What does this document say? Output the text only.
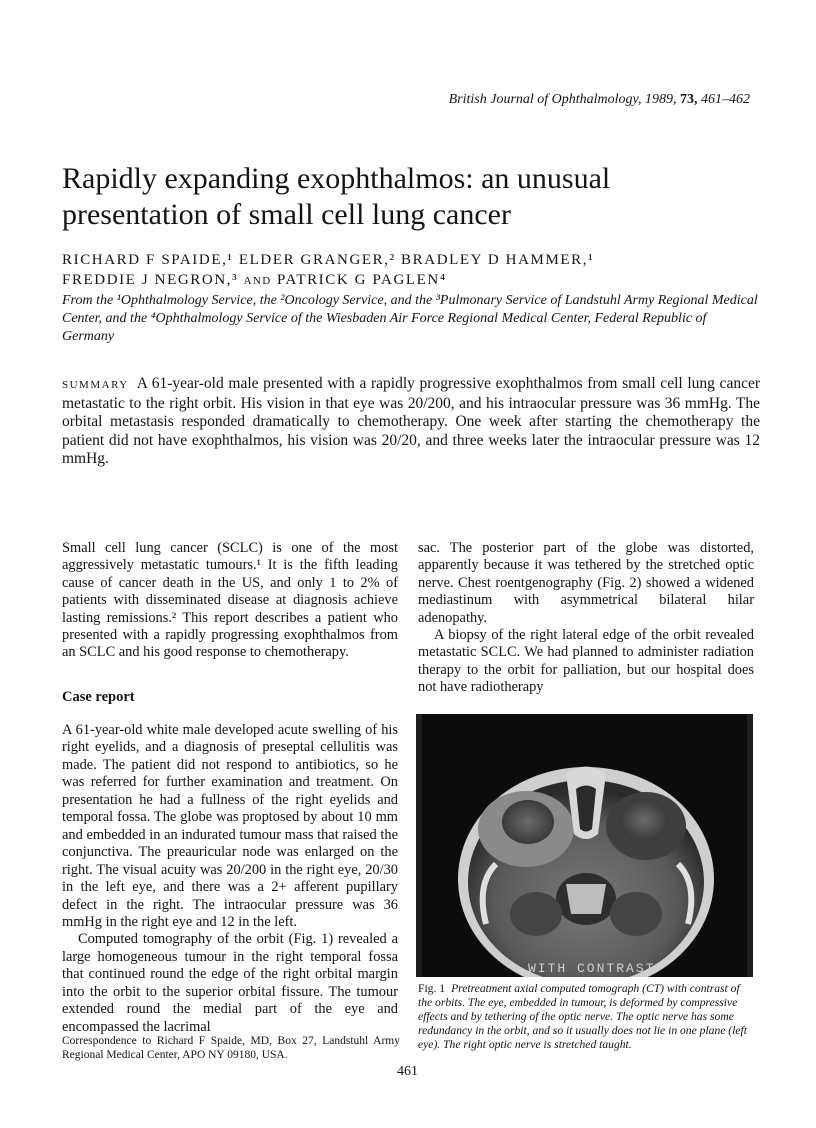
British Journal of Ophthalmology, 1989, 73, 461–462
Rapidly expanding exophthalmos: an unusual presentation of small cell lung cancer
RICHARD F SPAIDE,¹ ELDER GRANGER,² BRADLEY D HAMMER,¹
FREDDIE J NEGRON,³ AND PATRICK G PAGLEN⁴
From the ¹Ophthalmology Service, the ²Oncology Service, and the ³Pulmonary Service of Landstuhl Army Regional Medical Center, and the ⁴Ophthalmology Service of the Wiesbaden Air Force Regional Medical Center, Federal Republic of Germany
SUMMARY A 61-year-old male presented with a rapidly progressive exophthalmos from small cell lung cancer metastatic to the right orbit. His vision in that eye was 20/200, and his intraocular pressure was 36 mmHg. The orbital metastasis responded dramatically to chemotherapy. One week after starting the chemotherapy the patient did not have exophthalmos, his vision was 20/20, and three weeks later the intraocular pressure was 12 mmHg.

Small cell lung cancer (SCLC) is one of the most aggressively metastatic tumours.¹ It is the fifth leading cause of cancer death in the US, and only 1 to 2% of patients with disseminated disease at diagnosis achieve lasting remissions.² This report describes a patient who presented with a rapidly progressing exophthalmos from an SCLC and his good response to chemotherapy.

Case report

A 61-year-old white male developed acute swelling of his right eyelids, and a diagnosis of preseptal cellulitis was made. The patient did not respond to antibiotics, so he was referred for further examination and treatment. On presentation he had a fullness of the right eyelids and temporal fossa. The globe was proptosed by about 10 mm and embedded in an indurated tumour mass that raised the conjunctiva. The preauricular node was enlarged on the right. The visual acuity was 20/200 in the right eye, 20/30 in the left eye, and there was a 2+ afferent pupillary defect in the right. The intraocular pressure was 36 mmHg in the right eye and 12 in the left.

Computed tomography of the orbit (Fig. 1) revealed a large homogeneous tumour in the right temporal fossa that continued round the edge of the right orbital margin into the orbit to the superior orbital fissure. The tumour extended round the medial part of the eye and encompassed the lacrimal

Correspondence to Richard F Spaide, MD, Box 27, Landstuhl Army Regional Medical Center, APO NY 09180, USA.

sac. The posterior part of the globe was distorted, apparently because it was tethered by the stretched optic nerve. Chest roentgenography (Fig. 2) showed a widened mediastinum with asymmetrical bilateral hilar adenopathy.

A biopsy of the right lateral edge of the orbit revealed metastatic SCLC. We had planned to administer radiation therapy to the orbit for palliation, but our hospital does not have radiotherapy

WITH CONTRAST
Fig. 1 Pretreatment axial computed tomograph (CT) with contrast of the orbits. The eye, embedded in tumour, is deformed by compressive effects and by tethering of the optic nerve. The optic nerve has some redundancy in the orbit, and so it usually does not lie in one plane (left eye). The right optic nerve is stretched taught.
461
